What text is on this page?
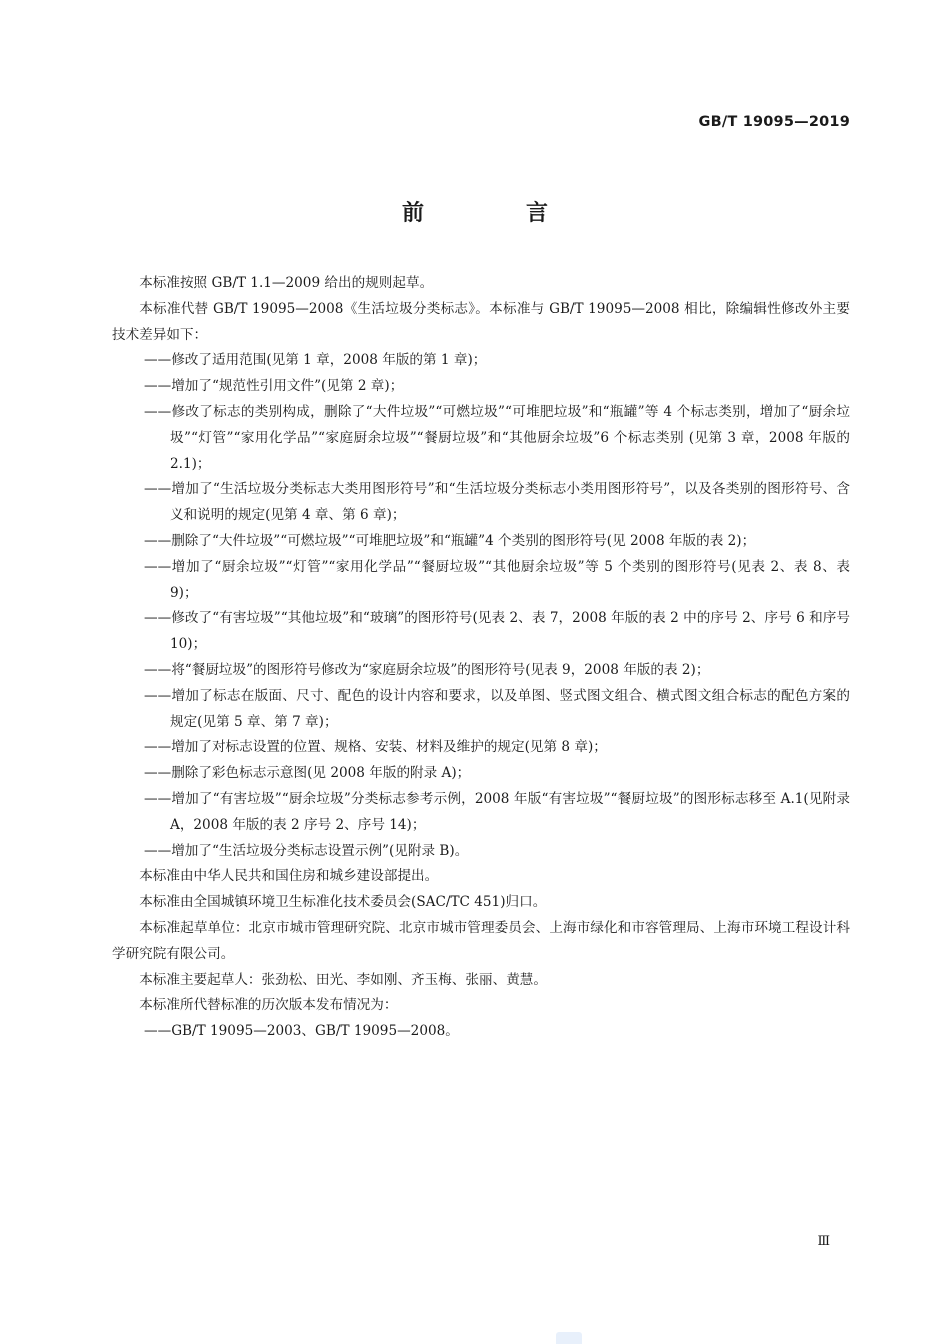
GB/T 19095—2019
前　言
本标准按照 GB/T 1.1—2009 给出的规则起草。
本标准代替 GB/T 19095—2008《生活垃圾分类标志》。本标准与 GB/T 19095—2008 相比，除编辑性修改外主要技术差异如下：
——修改了适用范围(见第 1 章，2008 年版的第 1 章)；
——增加了“规范性引用文件”(见第 2 章)；
——修改了标志的类别构成，删除了“大件垃圾”“可燃垃圾”“可堆肥垃圾”和“瓶罐”等 4 个标志类别，增加了“厨余垃圾”“灯管”“家用化学品”“家庭厨余垃圾”“餐厨垃圾”和“其他厨余垃圾”6 个标志类别 (见第 3 章，2008 年版的 2.1)；
——增加了“生活垃圾分类标志大类用图形符号”和“生活垃圾分类标志小类用图形符号”，以及各类别的图形符号、含义和说明的规定(见第 4 章、第 6 章)；
——删除了“大件垃圾”“可燃垃圾”“可堆肥垃圾”和“瓶罐”4 个类别的图形符号(见 2008 年版的表 2)；
——增加了“厨余垃圾”“灯管”“家用化学品”“餐厨垃圾”“其他厨余垃圾”等 5 个类别的图形符号(见表 2、表 8、表 9)；
——修改了“有害垃圾”“其他垃圾”和“玻璃”的图形符号(见表 2、表 7，2008 年版的表 2 中的序号 2、序号 6 和序号 10)；
——将“餐厨垃圾”的图形符号修改为“家庭厨余垃圾”的图形符号(见表 9，2008 年版的表 2)；
——增加了标志在版面、尺寸、配色的设计内容和要求，以及单图、竖式图文组合、横式图文组合标志的配色方案的规定(见第 5 章、第 7 章)；
——增加了对标志设置的位置、规格、安装、材料及维护的规定(见第 8 章)；
——删除了彩色标志示意图(见 2008 年版的附录 A)；
——增加了“有害垃圾”“厨余垃圾”分类标志参考示例，2008 年版“有害垃圾”“餐厨垃圾”的图形标志移至 A.1(见附录 A，2008 年版的表 2 序号 2、序号 14)；
——增加了“生活垃圾分类标志设置示例”(见附录 B)。
本标准由中华人民共和国住房和城乡建设部提出。
本标准由全国城镇环境卫生标准化技术委员会(SAC/TC 451)归口。
本标准起草单位：北京市城市管理研究院、北京市城市管理委员会、上海市绿化和市容管理局、上海市环境工程设计科学研究院有限公司。
本标准主要起草人：张劲松、田光、李如刚、齐玉梅、张丽、黄慧。
本标准所代替标准的历次版本发布情况为：
——GB/T 19095—2003、GB/T 19095—2008。
Ⅲ
